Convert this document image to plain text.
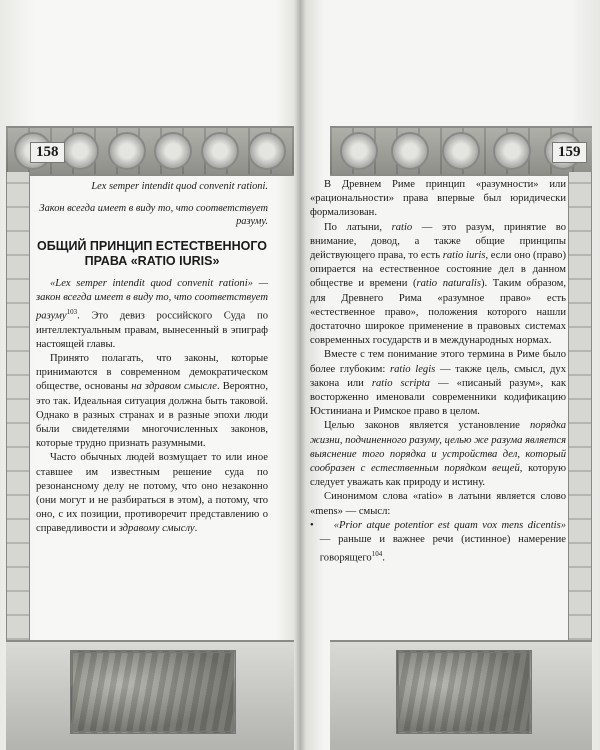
158

Lex semper intendit quod convenit rationi.

Закон всегда имеет в виду то, что соответствует разуму.

ОБЩИЙ ПРИНЦИП ЕСТЕСТВЕННОГО ПРАВА «RATIO IURIS»

«Lex semper intendit quod convenit rationi» — закон всегда имеет в виду то, что соответствует разуму$^{103}$. Это девиз российского Суда по интеллектуальным правам, вынесенный в эпиграф настоящей главы.

Принято полагать, что законы, которые принимаются в современном демократическом обществе, основаны на здравом смысле. Вероятно, это так. Идеальная ситуация должна быть таковой. Однако в разных странах и в разные эпохи люди были свидетелями многочисленных законов, которые трудно признать разумными.

Часто обычных людей возмущает то или иное ставшее им известным решение суда по резонансному делу не потому, что оно незаконно (они могут и не разбираться в этом), а потому, что оно, с их позиции, противоречит представлению о справедливости и здравому смыслу.

159

В Древнем Риме принцип «разумности» или «рациональности» права впервые был юридически формализован.

По латыни, ratio — это разум, принятие во внимание, довод, а также общие принципы действующего права, то есть ratio iuris, если оно (право) опирается на естественное состояние дел в данном обществе и времени (ratio naturalis). Таким образом, для Древнего Рима «разумное право» есть «естественное право», положения которого нашли достаточно широкое применение в правовых системах современных государств и в международных нормах.

Вместе с тем понимание этого термина в Риме было более глубоким: ratio legis — также цель, смысл, дух закона или ratio scripta — «писаный разум», как восторженно именовали современники кодификацию Юстиниана и Римское право в целом.

Целью законов является установление порядка жизни, подчиненного разуму, целью же разума является выяснение того порядка и устройства дел, который сообразен с естественным порядком вещей, которую следует уважать как природу и истину.

Синонимом слова «ratio» в латыни является слово «mens» — смысл:

•	«Prior atque potentior est quam vox mens dicentis» — раньше и важнее речи (истинное) намерение говорящего$^{104}$.
